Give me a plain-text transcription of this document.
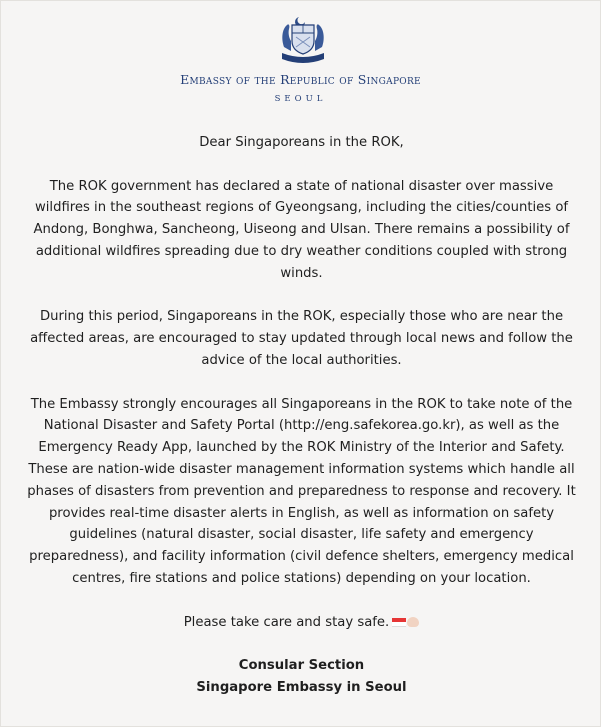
Embassy of the Republic of Singapore
SEOUL

Dear Singaporeans in the ROK,

The ROK government has declared a state of national disaster over massive wildfires in the southeast regions of Gyeongsang, including the cities/counties of Andong, Bonghwa, Sancheong, Uiseong and Ulsan. There remains a possibility of additional wildfires spreading due to dry weather conditions coupled with strong winds.

During this period, Singaporeans in the ROK, especially those who are near the affected areas, are encouraged to stay updated through local news and follow the advice of the local authorities.

The Embassy strongly encourages all Singaporeans in the ROK to take note of the National Disaster and Safety Portal (http://eng.safekorea.go.kr), as well as the Emergency Ready App, launched by the ROK Ministry of the Interior and Safety. These are nation-wide disaster management information systems which handle all phases of disasters from prevention and preparedness to response and recovery. It provides real-time disaster alerts in English, as well as information on safety guidelines (natural disaster, social disaster, life safety and emergency preparedness), and facility information (civil defence shelters, emergency medical centres, fire stations and police stations) depending on your location.

Please take care and stay safe.

Consular Section
Singapore Embassy in Seoul
